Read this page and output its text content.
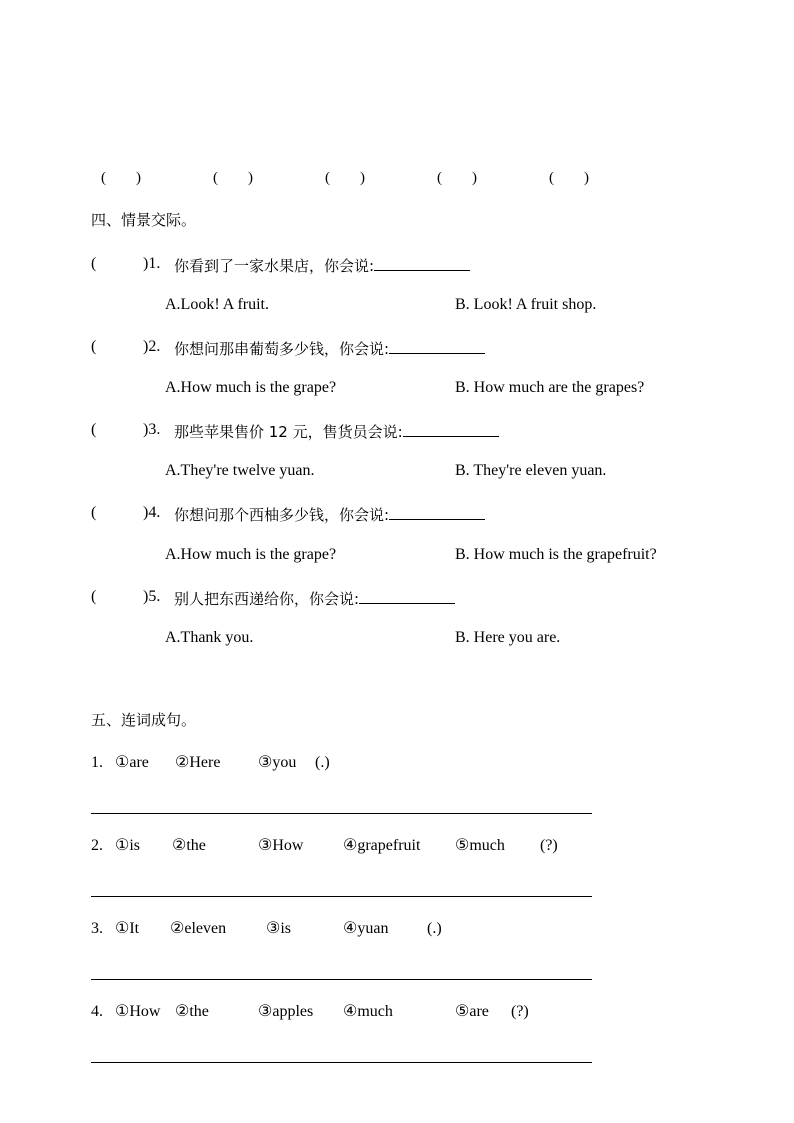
(　　)	(　　)	(　　)	(　　)	(　　)
四、情景交际。
(	)1. 你看到了一家水果店，你会说:
A.Look! A fruit.	B. Look! A fruit shop.
(	)2. 你想问那串葡萄多少钱，你会说:
A.How much is the grape?	B. How much are the grapes?
(	)3. 那些苹果售价 12 元，售货员会说:
A.They're twelve yuan.	B. They're eleven yuan.
(	)4. 你想问那个西柚多少钱，你会说:
A.How much is the grape?	B. How much is the grapefruit?
(	)5. 别人把东西递给你，你会说:
A.Thank you.	B. Here you are.
五、连词成句。
1. ①are ②Here ③you (.)
2. ①is ②the	③How ④grapefruit ⑤much (?)
3. ①It ②eleven ③is	④yuan (.)
4. ①How ②the	③apples ④much	⑤are (?)
